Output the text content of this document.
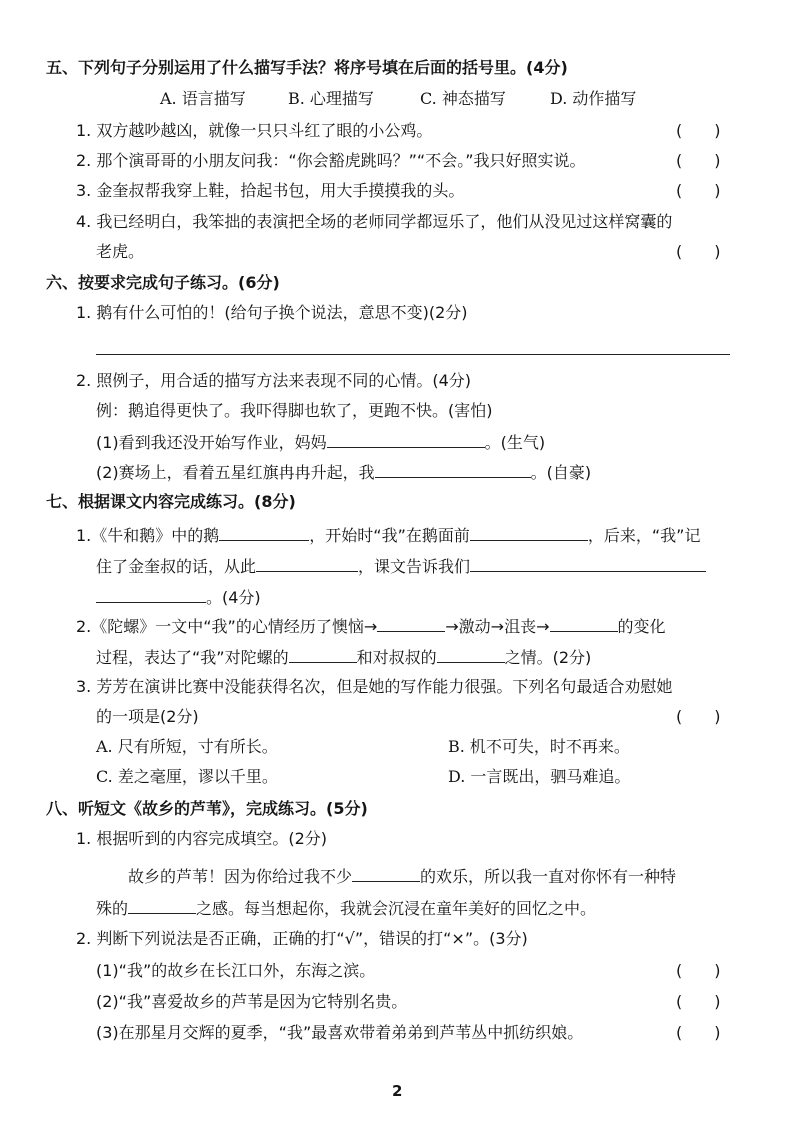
五、下列句子分别运用了什么描写手法？将序号填在后面的括号里。(4分)
A. 语言描写	B. 心理描写	C. 神态描写	D. 动作描写
1. 双方越吵越凶，就像一只只斗红了眼的小公鸡。	(　　)
2. 那个演哥哥的小朋友问我：“你会豁虎跳吗？”“不会。”我只好照实说。	(　　)
3. 金奎叔帮我穿上鞋，拾起书包，用大手摸摸我的头。	(　　)
4. 我已经明白，我笨拙的表演把全场的老师同学都逗乐了，他们从没见过这样窝囊的
老虎。	(　　)
六、按要求完成句子练习。(6分)
1. 鹅有什么可怕的！(给句子换个说法，意思不变)(2分)
2. 照例子，用合适的描写方法来表现不同的心情。(4分)
例：鹅追得更快了。我吓得脚也软了，更跑不快。(害怕)
(1)看到我还没开始写作业，妈妈	。(生气)
(2)赛场上，看着五星红旗冉冉升起，我	。(自豪)
七、根据课文内容完成练习。(8分)
1.《牛和鹅》中的鹅	，开始时“我”在鹅面前	，后来，“我”记
住了金奎叔的话，从此	，课文告诉我们
。(4分)
2.《陀螺》一文中“我”的心情经历了懊恼→	→激动→沮丧→	的变化
过程，表达了“我”对陀螺的	和对叔叔的	之情。(2分)
3. 芳芳在演讲比赛中没能获得名次，但是她的写作能力很强。下列名句最适合劝慰她
的一项是(2分)	(　　)
A. 尺有所短，寸有所长。	B. 机不可失，时不再来。
C. 差之毫厘，谬以千里。	D. 一言既出，驷马难追。
八、听短文《故乡的芦苇》，完成练习。(5分)
1. 根据听到的内容完成填空。(2分)
故乡的芦苇！因为你给过我不少	的欢乐，所以我一直对你怀有一种特
殊的	之感。每当想起你，我就会沉浸在童年美好的回忆之中。
2. 判断下列说法是否正确，正确的打“√”，错误的打“×”。(3分)
(1)“我”的故乡在长江口外，东海之滨。	(　　)
(2)“我”喜爱故乡的芦苇是因为它特别名贵。	(　　)
(3)在那星月交辉的夏季，“我”最喜欢带着弟弟到芦苇丛中抓纺织娘。	(　　)
2
